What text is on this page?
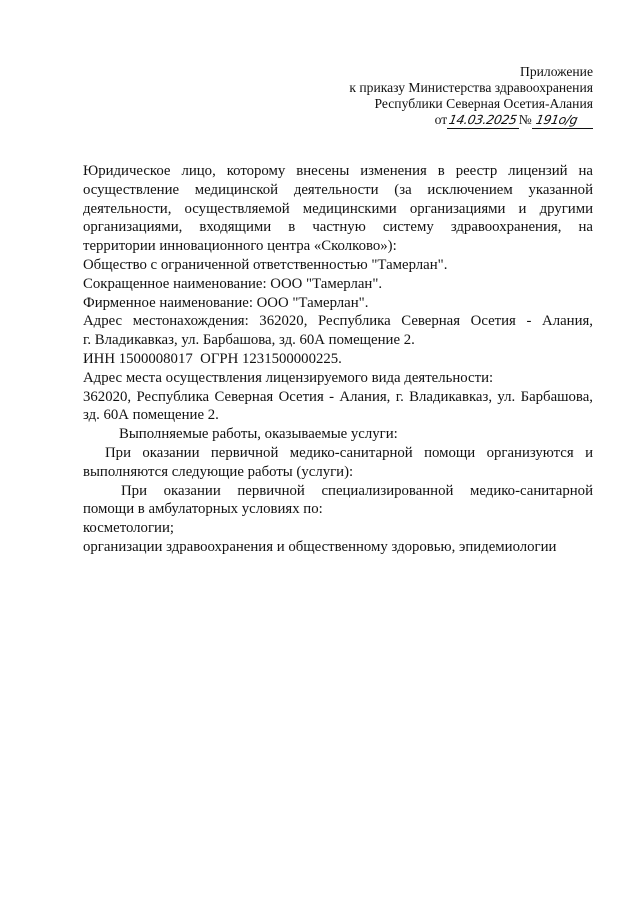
Приложение
к приказу Министерства здравоохранения
Республики Северная Осетия-Алания
от14.03.2025№ 191о/g
Юридическое лицо, которому внесены изменения в реестр лицензий на
осуществление медицинской деятельности (за исключением указанной
деятельности, осуществляемой медицинскими организациями и другими
организациями, входящими в частную систему здравоохранения, на
территории инновационного центра «Сколково»):
Общество с ограниченной ответственностью "Тамерлан".
Сокращенное наименование: ООО "Тамерлан".
Фирменное наименование: ООО "Тамерлан".
Адрес местонахождения: 362020, Республика Северная Осетия - Алания,
г. Владикавказ, ул. Барбашова, зд. 60А помещение 2.
ИНН 1500008017  ОГРН 1231500000225.
Адрес места осуществления лицензируемого вида деятельности:
362020, Республика Северная Осетия - Алания, г. Владикавказ, ул. Барбашова,
зд. 60А помещение 2.
Выполняемые работы, оказываемые услуги:
При оказании первичной медико-санитарной помощи организуются и
выполняются следующие работы (услуги):
При оказании первичной специализированной медико-санитарной
помощи в амбулаторных условиях по:
косметологии;
организации здравоохранения и общественному здоровью, эпидемиологии
